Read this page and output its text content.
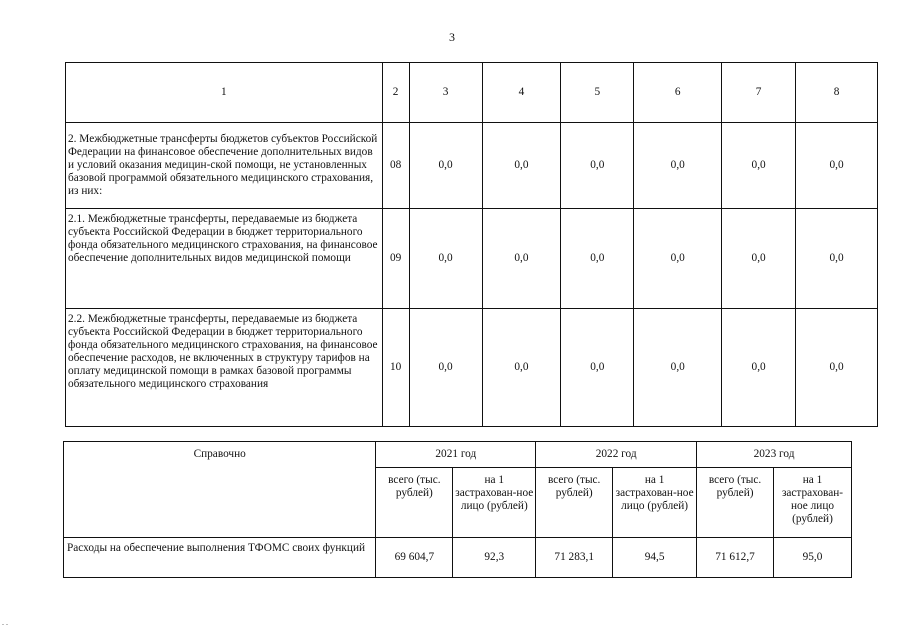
3
1	2	3	4	5	6	7	8
2. Межбюджетные трансферты бюджетов субъектов Российской Федерации на финансовое обеспечение дополнительных видов и условий оказания медицин-ской помощи, не установленных базовой программой обязательного медицинского страхования, из них:	08	0,0	0,0	0,0	0,0	0,0	0,0
2.1. Межбюджетные трансферты, передаваемые из бюджета субъекта Российской Федерации в бюджет территориального фонда обязательного медицинского страхования, на финансовое обеспечение дополнительных видов медицинской помощи	09	0,0	0,0	0,0	0,0	0,0	0,0
2.2. Межбюджетные трансферты, передаваемые из бюджета субъекта Российской Федерации в бюджет территориального фонда обязательного медицинского страхования, на финансовое обеспечение расходов, не включенных в структуру тарифов на оплату медицинской помощи в рамках базовой программы обязательного медицинского страхования	10	0,0	0,0	0,0	0,0	0,0	0,0
Справочно	2021 год		2022 год		2023 год	
	всего (тыс. рублей)	на 1 застрахован-ное лицо (рублей)	всего (тыс. рублей)	на 1 застрахован-ное лицо (рублей)	всего (тыс. рублей)	на 1 застрахован-ное лицо (рублей)
Расходы на обеспечение выполнения ТФОМС своих функций	69 604,7	92,3	71 283,1	94,5	71 612,7	95,0
. .
